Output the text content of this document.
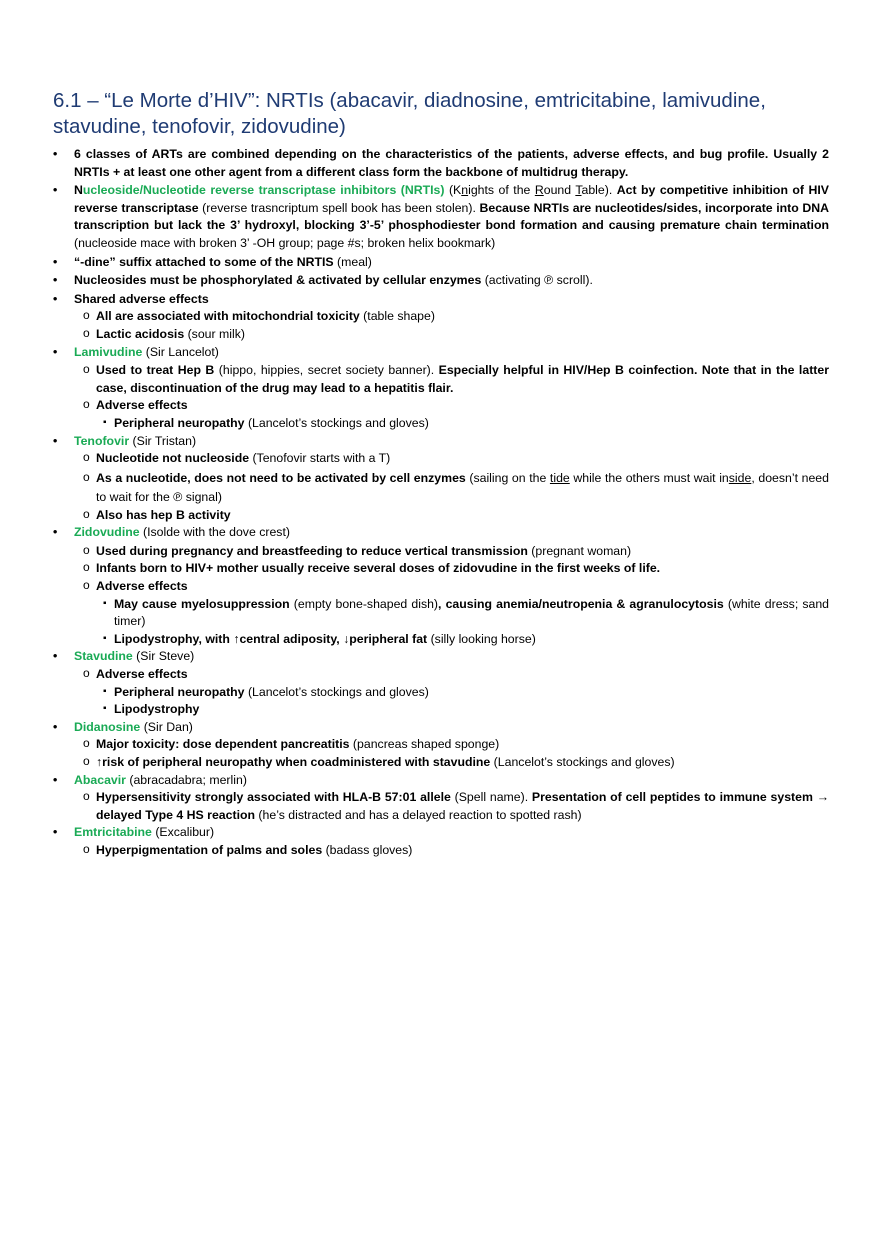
6.1 – “Le Morte d’HIV”: NRTIs (abacavir, diadnosine, emtricitabine, lamivudine, stavudine, tenofovir, zidovudine)
• 6 classes of ARTs are combined depending on the characteristics of the patients, adverse effects, and bug profile. Usually 2 NRTIs + at least one other agent from a different class form the backbone of multidrug therapy.
• Nucleoside/Nucleotide reverse transcriptase inhibitors (NRTIs) (Knights of the Round Table). Act by competitive inhibition of HIV reverse transcriptase (reverse trasncriptum spell book has been stolen). Because NRTIs are nucleotides/sides, incorporate into DNA transcription but lack the 3’ hydroxyl, blocking 3’-5’ phosphodiester bond formation and causing premature chain termination (nucleoside mace with broken 3’ -OH group; page #s; broken helix bookmark)
• “-dine” suffix attached to some of the NRTIS (meal)
• Nucleosides must be phosphorylated & activated by cellular enzymes (activating ℗ scroll).
• Shared adverse effects
o All are associated with mitochondrial toxicity (table shape)
o Lactic acidosis (sour milk)
• Lamivudine (Sir Lancelot)
o Used to treat Hep B (hippo, hippies, secret society banner). Especially helpful in HIV/Hep B coinfection. Note that in the latter case, discontinuation of the drug may lead to a hepatitis flair.
o Adverse effects
▪ Peripheral neuropathy (Lancelot’s stockings and gloves)
• Tenofovir (Sir Tristan)
o Nucleotide not nucleoside (Tenofovir starts with a T)
o As a nucleotide, does not need to be activated by cell enzymes (sailing on the tide while the others must wait inside, doesn’t need to wait for the ℗ signal)
o Also has hep B activity
• Zidovudine (Isolde with the dove crest)
o Used during pregnancy and breastfeeding to reduce vertical transmission (pregnant woman)
o Infants born to HIV+ mother usually receive several doses of zidovudine in the first weeks of life.
o Adverse effects
▪ May cause myelosuppression (empty bone-shaped dish), causing anemia/neutropenia & agranulocytosis (white dress; sand timer)
▪ Lipodystrophy, with ↑central adiposity, ↓peripheral fat (silly looking horse)
• Stavudine (Sir Steve)
o Adverse effects
▪ Peripheral neuropathy (Lancelot’s stockings and gloves)
▪ Lipodystrophy
• Didanosine (Sir Dan)
o Major toxicity: dose dependent pancreatitis (pancreas shaped sponge)
o ↑risk of peripheral neuropathy when coadministered with stavudine (Lancelot’s stockings and gloves)
• Abacavir (abracadabra; merlin)
o Hypersensitivity strongly associated with HLA-B 57:01 allele (Spell name). Presentation of cell peptides to immune system → delayed Type 4 HS reaction (he’s distracted and has a delayed reaction to spotted rash)
• Emtricitabine (Excalibur)
o Hyperpigmentation of palms and soles (badass gloves)
